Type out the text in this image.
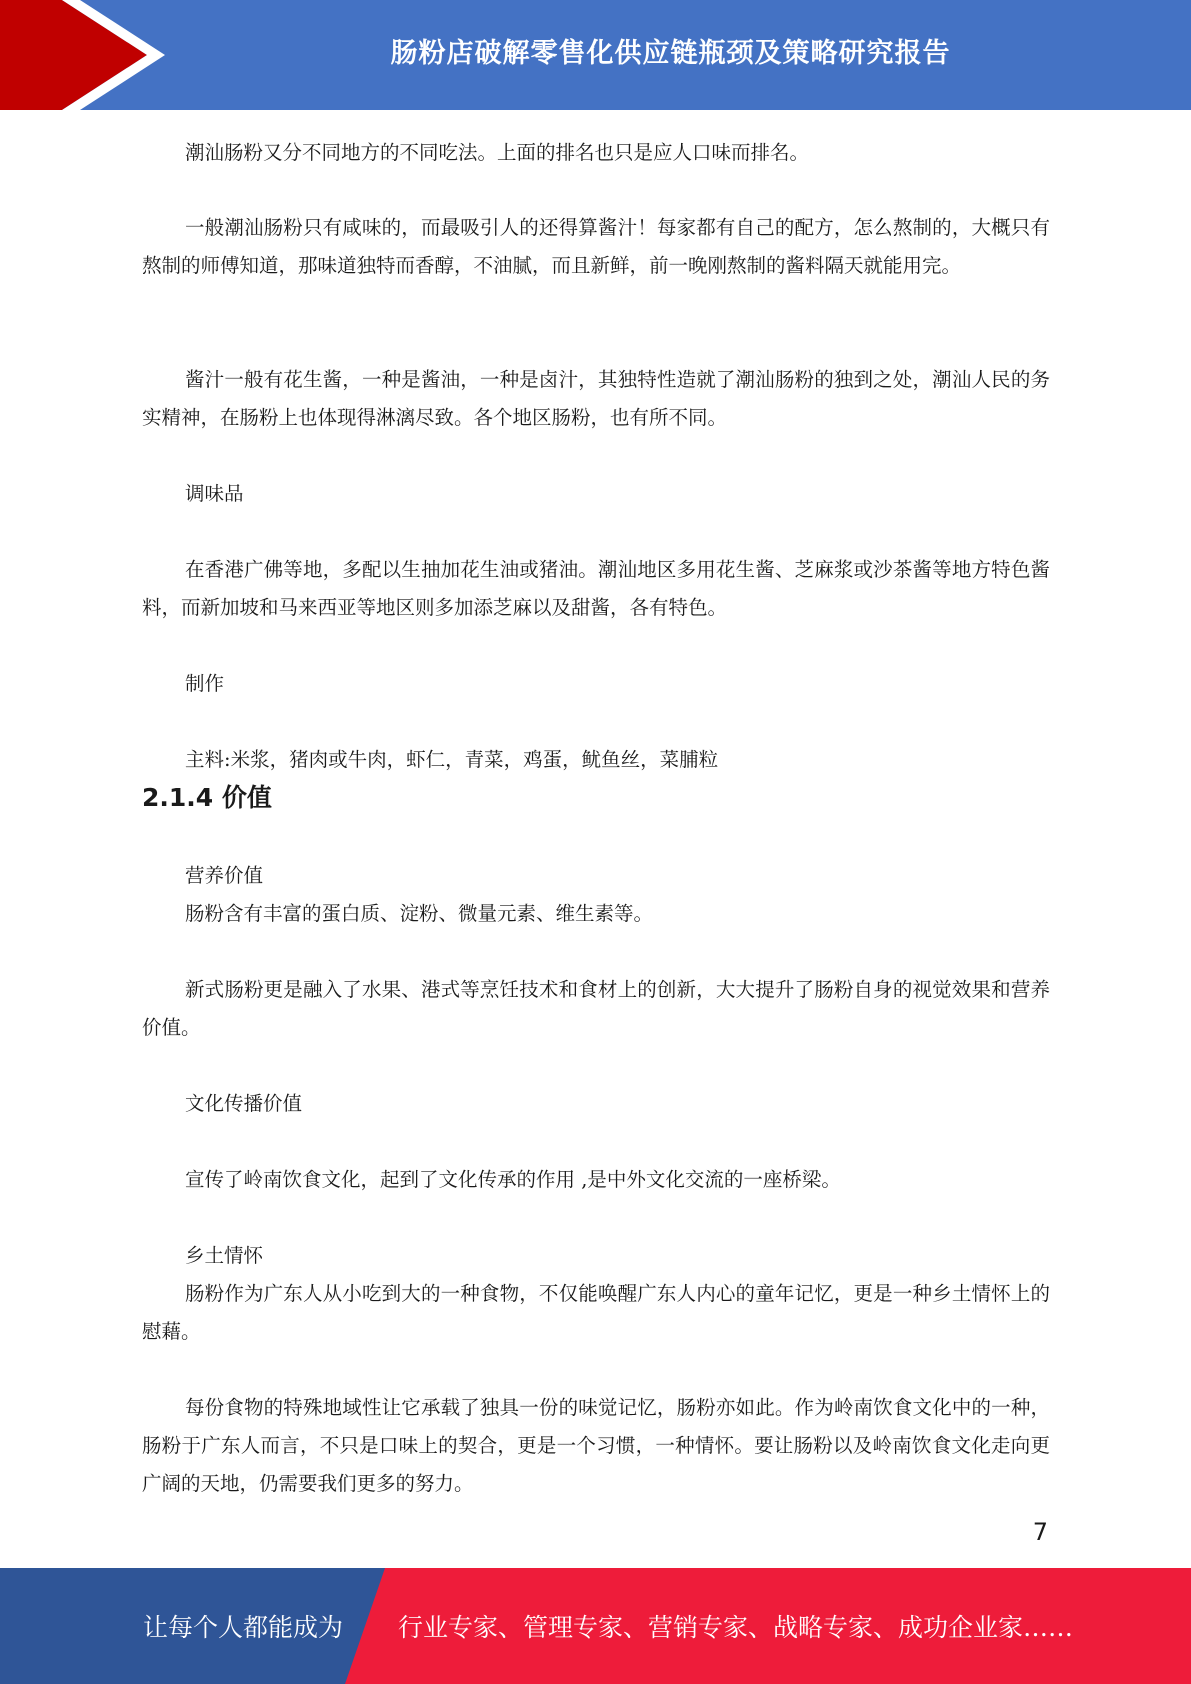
肠粉店破解零售化供应链瓶颈及策略研究报告

潮汕肠粉又分不同地方的不同吃法。上面的排名也只是应人口味而排名。

一般潮汕肠粉只有咸味的，而最吸引人的还得算酱汁！每家都有自己的配方，怎么熬制的，大概只有熬制的师傅知道，那味道独特而香醇，不油腻，而且新鲜，前一晚刚熬制的酱料隔天就能用完。

酱汁一般有花生酱，一种是酱油，一种是卤汁，其独特性造就了潮汕肠粉的独到之处，潮汕人民的务实精神，在肠粉上也体现得淋漓尽致。各个地区肠粉，也有所不同。

调味品

在香港广佛等地，多配以生抽加花生油或猪油。潮汕地区多用花生酱、芝麻浆或沙茶酱等地方特色酱料，而新加坡和马来西亚等地区则多加添芝麻以及甜酱，各有特色。

制作

主料:米浆，猪肉或牛肉，虾仁，青菜，鸡蛋，鱿鱼丝，菜脯粒

2.1.4 价值

营养价值

肠粉含有丰富的蛋白质、淀粉、微量元素、维生素等。

新式肠粉更是融入了水果、港式等烹饪技术和食材上的创新，大大提升了肠粉自身的视觉效果和营养价值。

文化传播价值

宣传了岭南饮食文化，起到了文化传承的作用 ,是中外文化交流的一座桥梁。

乡土情怀

肠粉作为广东人从小吃到大的一种食物，不仅能唤醒广东人内心的童年记忆，更是一种乡土情怀上的慰藉。

每份食物的特殊地域性让它承载了独具一份的味觉记忆，肠粉亦如此。作为岭南饮食文化中的一种，肠粉于广东人而言，不只是口味上的契合，更是一个习惯，一种情怀。要让肠粉以及岭南饮食文化走向更广阔的天地，仍需要我们更多的努力。

7
让每个人都能成为 行业专家、管理专家、营销专家、战略专家、成功企业家……
